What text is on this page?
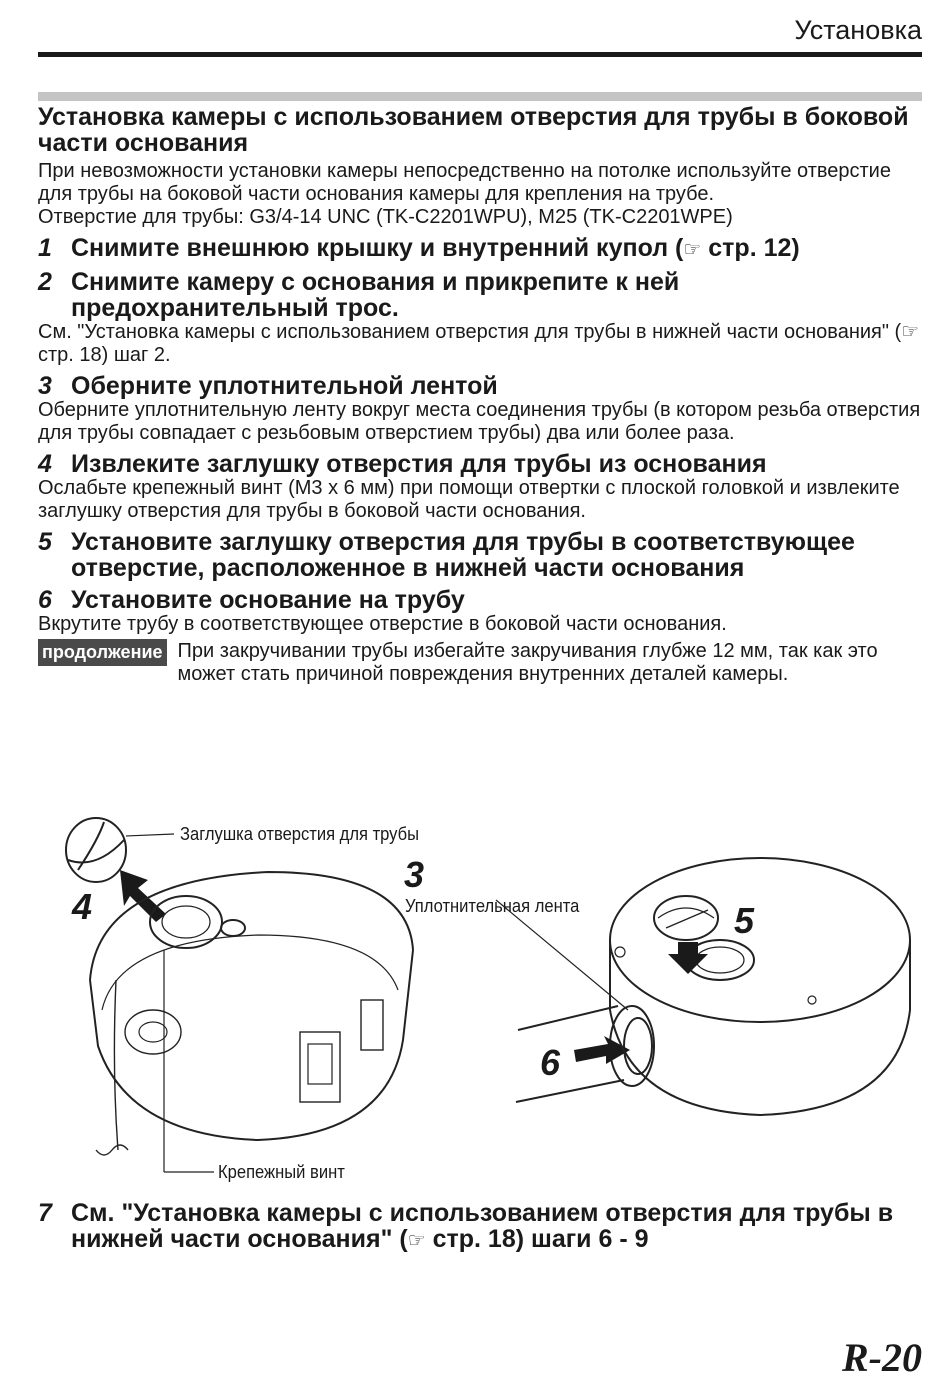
Установка
Установка камеры с использованием отверстия для трубы в боковой части основания

При невозможности установки камеры непосредственно на потолке используйте отверстие для трубы на боковой части основания камеры для крепления на трубе.

Отверстие для трубы: G3/4-14 UNC (TK-C2201WPU), M25 (TK-C2201WPE)

1 Снимите внешнюю крышку и внутренний купол (☞ стр. 12)
2 Снимите камеру с основания и прикрепите к ней предохранительный трос.
См. "Установка камеры с использованием отверстия для трубы в нижней части основания" (☞ стр. 18) шаг 2.
3 Оберните уплотнительной лентой
Оберните уплотнительную ленту вокруг места соединения трубы (в котором резьба отверстия для трубы совпадает с резьбовым отверстием трубы) два или более раза.
4 Извлеките заглушку отверстия для трубы из основания
Ослабьте крепежный винт (M3 x 6 мм) при помощи отвертки с плоской головкой и извлеките заглушку отверстия для трубы в боковой части основания.
5 Установите заглушку отверстия для трубы в соответствующее отверстие, расположенное в нижней части основания
6 Установите основание на трубу
Вкрутите трубу в соответствующее отверстие в боковой части основания.
продолжение При закручивании трубы избегайте закручивания глубже 12 мм, так как это может стать причиной повреждения внутренних деталей камеры.
Заглушка отверстия для трубы
Уплотнительная лента
Крепежный винт
3
4	5
6
7 См. "Установка камеры с использованием отверстия для трубы в нижней части основания" (☞ стр. 18) шаги 6 - 9
R-20
